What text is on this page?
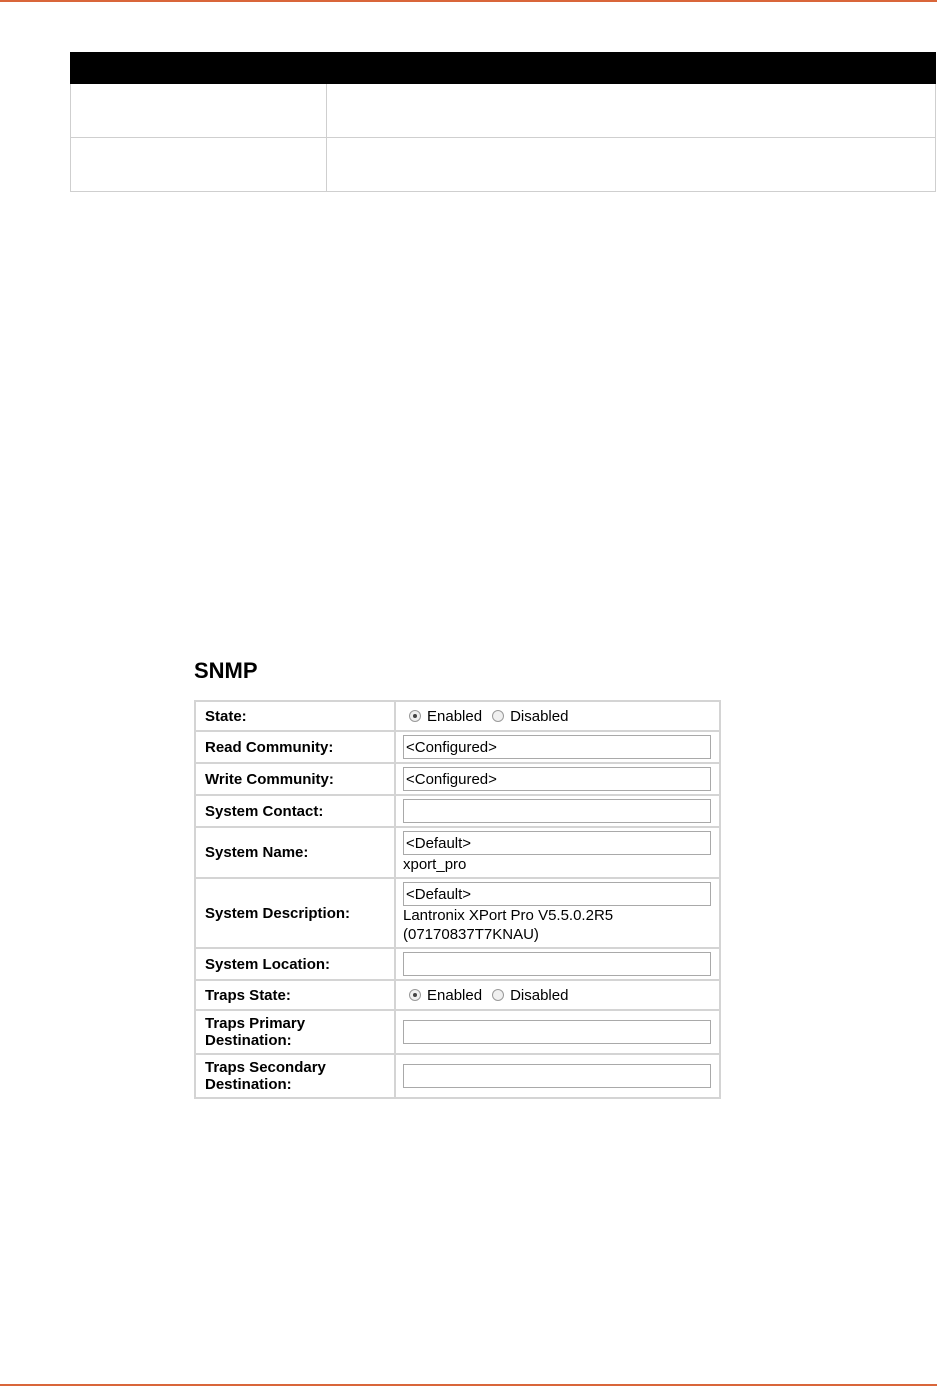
SNMP
State:	Enabled Disabled

Read Community:	
<Configured>
Write Community:	
<Configured>
System Contact:	

System Name:	
<Default>
xport_pro

System Description:	
<Default>
Lantronix XPort Pro V5.5.0.2R5
(07170837T7KNAU)

System Location:	

Traps State:	Enabled Disabled

Traps Primary
Destination:

Traps Secondary
Destination:
